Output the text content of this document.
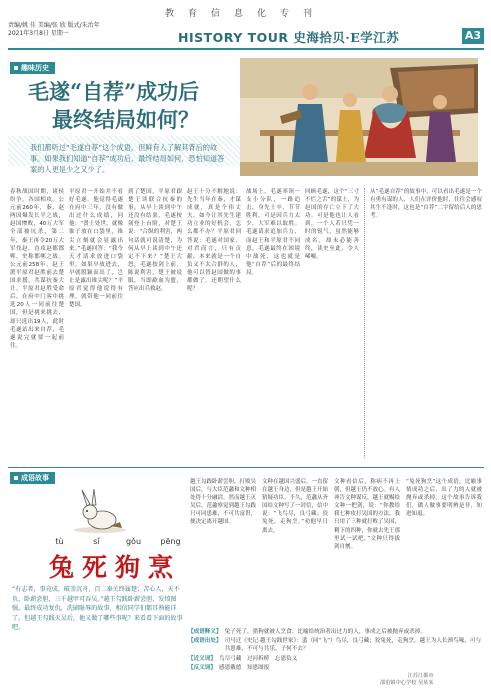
教育信息化专刊
责编/姚 佳 美编/张 欣 版式/朱治年
2021年3月8日 星期一	HISTORY TOUR 史海拾贝·E学江苏	A3
趣味历史
毛遂“自荐”成功后
最终结局如何？
我们都听过“毛遂自荐”这个成语，但鲜有人了解其背后的故事。如果我们知道“自荐”成功后，最终结局如何，恐怕知道答案的人更是少之又少了。
春秋战国时期，诸侯纷争，各国相攻。公元前260年，秦、赵两国爆发长平之战，赵国惨败，40万大军全部被坑杀，第二年，秦王再令20万大军伐赵，直攻赵都邯郸，史称邯郸之战。公元前258年，赵王派平原君赵胜前去楚国求援，共谋抗秦大计。平原君赵胜受命后，在府中门客中挑选20人一同前往楚国，但是挑来挑去，却只选出19人，此时毛遂站出来自荐，毛遂说完就要一起前往。
平原君一开始并不看好毛遂，他觉得毛遂在府中三年，没有做出过什么成绩，问他：“贤士处世，就像锥子放在口袋里，锥尖立刻就会显露出来。”毛遂回答：“我今天才请求放进口袋里。如果早放进去，早就脱颖而出了，岂止是露出锥尖呢？”平原君觉得他说得有理，就带他一同前往楚国。
到了楚国，平原君跟楚王谈联合抗秦的事，从早上谈到中午还没有结果，毛遂按剑登上台阶，对楚王说：“合纵的利害，两句话就可说清楚，为何从早上谈到中午还定不下来？”楚王大怒，毛遂按剑上前，陈说利害，楚王被说服，当即歃血为盟，答应出兵救赵。
赵王十分不解地说：先生当年在秦，才谋成就，真是个伟丈夫。如今让其先生建功立业的好机会，怎么都不办？平原君回答说：毛遂对国家，对君而言，只有贡献，本来就是一个自负又不太合群的人，他可以替赵国做的事都做了，还期望什么呢？
战场上，毛遂率领一支小分队，一路追击，身先士卒，节节胜利，可是因兵力太少，大军难以取胜。毛遂请求追加兵力，而赵王和平原君不同意，毛遂最终在困境中战死，这也就是他“自荐”后的最终结局。
回顾毛遂，这个“三寸不烂之舌”的谋士，为赵国的存亡立下了大功。可是他也让人看到，一个人若只凭一时的锐气，虽然能够成名，却未必能善终，读史至此，令人唏嘘。
从“毛遂自荐”的故事中，可以看出毛遂是一个有勇有谋的人，人们在评价他时，往往会感叹其生不逢时，这也是“自荐”二字留给后人的思考。
成语故事
tù	sǐ	gǒu pēng
兔死狗烹
“有志者，事竟成，破釜沉舟，百二秦关终属楚；苦心人，天不负，卧薪尝胆，三千越甲可吞吴。”越王勾践卧薪尝胆，发愤图强，最终成功复仇，洗刷耻辱的故事，相信同学们都耳熟能详了。但越王勾践灭吴后，他又做了哪些事呢？来看看下面的故事吧。
越王勾践卧薪尝胆，打败吴国后，与大臣范蠡和文种相处得十分融洽。然而越王灭吴后，范蠡察觉到越王勾践只可同患难，不可共富贵，便决定离开越国。
文种在越国兴盛后，一直留在越王身边，但是越王开始猜疑功臣。不久，范蠡从齐国给文种写了一封信，信中说：“飞鸟尽，良弓藏；狡兔死，走狗烹。”劝他早日离去。
文种看信后，称病不再上朝，但越王仍不放心。有人诬告文种谋反，越王就赐给文种一把剑，说：“你教给我七种攻打吴国的方法，我只用了三种就打败了吴国，剩下的四种，你就去先王那里试一试吧。”文种只得拔剑自刎。
“兔死狗烹”这个成语，比喻事情成功之后，出了力的人就被抛弃或杀掉。这个故事告诉我们，做人做事要明辨是非，知进知退。
【成语释义】 兔子死了，猎狗就被人烹食。比喻给统治者出过力的人，事成之后被抛弃或杀掉。
【成语出处】 司马迁《史记·越王勾践世家》：蜚（同“飞”）鸟尽，良弓藏；狡兔死，走狗烹。越王为人长颈鸟喙，可与共患难，不可与共乐。子何不去？
【近义词】 鸟尽弓藏　过河拆桥　忘恩负义
【反义词】 感恩戴德　知恩图报
江苏江都市
邵伯镇中心学校 吴某某
